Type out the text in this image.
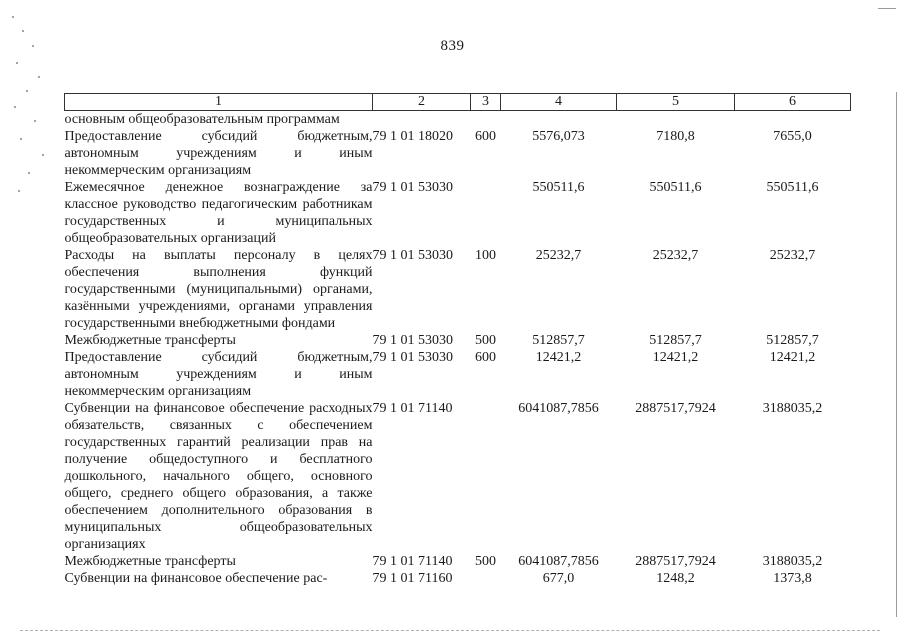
839
1	2	3	4	5	6
основным общеобразовательным программам					
Предоставление субсидий бюджетным, автономным учреждениям и иным некоммерческим организациям	79 1 01 18020	600	5576,073	7180,8	7655,0
Ежемесячное денежное вознаграждение за классное руководство педагогическим работникам государственных и муниципальных общеобразовательных организаций	79 1 01 53030		550511,6	550511,6	550511,6
Расходы на выплаты персоналу в целях обеспечения выполнения функций государственными (муниципальными) органами, казёнными учреждениями, органами управления государственными внебюджетными фондами	79 1 01 53030	100	25232,7	25232,7	25232,7
Межбюджетные трансферты	79 1 01 53030	500	512857,7	512857,7	512857,7
Предоставление субсидий бюджетным, автономным учреждениям и иным некоммерческим организациям	79 1 01 53030	600	12421,2	12421,2	12421,2
Субвенции на финансовое обеспечение расходных обязательств, связанных с обеспечением государственных гарантий реализации прав на получение общедоступного и бесплатного дошкольного, начального общего, основного общего, среднего общего образования, а также обеспечением дополнительного образования в муниципальных общеобразовательных организациях	79 1 01 71140		6041087,7856	2887517,7924	3188035,2
Межбюджетные трансферты	79 1 01 71140	500	6041087,7856	2887517,7924	3188035,2
Субвенции на финансовое обеспечение рас-	79 1 01 71160		677,0	1248,2	1373,8
